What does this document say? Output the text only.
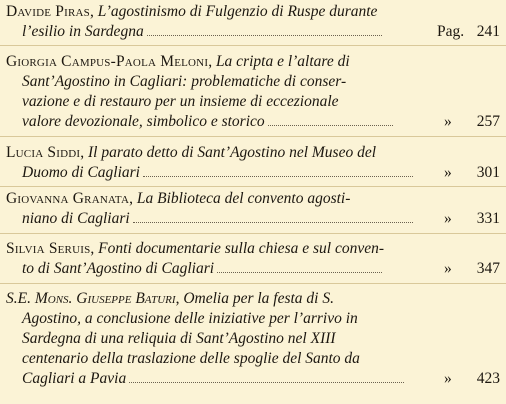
Davide Piras, L’agostinismo di Fulgenzio di Ruspe durante
l’esilio in Sardegna	Pag. 241
Giorgia Campus-Paola Meloni, La cripta e l’altare di
Sant’Agostino in Cagliari: problematiche di conser-
vazione e di restauro per un insieme di eccezionale
valore devozionale, simbolico e storico	» 257
Lucia Siddi, Il parato detto di Sant’Agostino nel Museo del
Duomo di Cagliari	» 301
Giovanna Granata, La Biblioteca del convento agosti-
niano di Cagliari	» 331
Silvia Seruis, Fonti documentarie sulla chiesa e sul conven-
to di Sant’Agostino di Cagliari	» 347
S.E. Mons. Giuseppe Baturi, Omelia per la festa di S.
Agostino, a conclusione delle iniziative per l’arrivo in
Sardegna di una reliquia di Sant’Agostino nel XIII
centenario della traslazione delle spoglie del Santo da
Cagliari a Pavia	» 423
